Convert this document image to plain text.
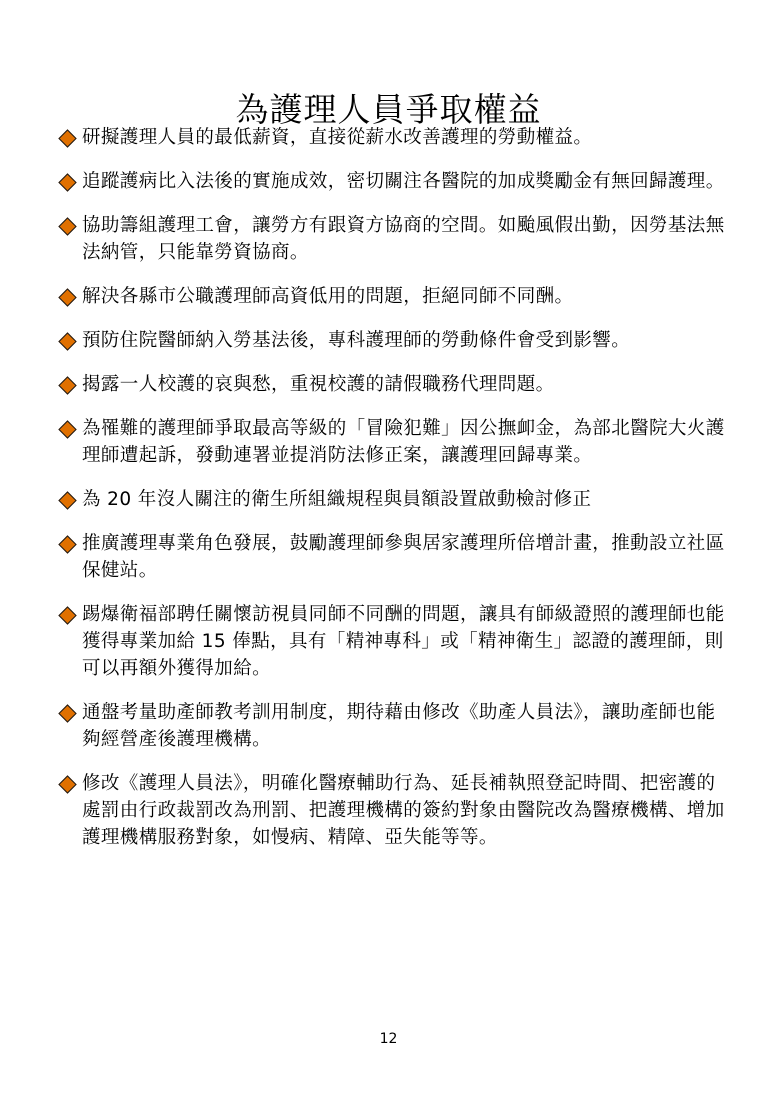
為護理人員爭取權益
研擬護理人員的最低薪資，直接從薪水改善護理的勞動權益。
追蹤護病比入法後的實施成效，密切關注各醫院的加成獎勵金有無回歸護理。
協助籌組護理工會，讓勞方有跟資方協商的空間。如颱風假出勤，因勞基法無法納管，只能靠勞資協商。
解決各縣市公職護理師高資低用的問題，拒絕同師不同酬。
預防住院醫師納入勞基法後，專科護理師的勞動條件會受到影響。
揭露一人校護的哀與愁，重視校護的請假職務代理問題。
為罹難的護理師爭取最高等級的「冒險犯難」因公撫卹金，為部北醫院大火護理師遭起訴，發動連署並提消防法修正案，讓護理回歸專業。
為 20 年沒人關注的衛生所組織規程與員額設置啟動檢討修正
推廣護理專業角色發展，鼓勵護理師參與居家護理所倍增計畫，推動設立社區保健站。
踢爆衛福部聘任關懷訪視員同師不同酬的問題，讓具有師級證照的護理師也能獲得專業加給 15 俸點，具有「精神專科」或「精神衛生」認證的護理師，則可以再額外獲得加給。
通盤考量助產師教考訓用制度，期待藉由修改《助產人員法》，讓助產師也能夠經營產後護理機構。
修改《護理人員法》，明確化醫療輔助行為、延長補執照登記時間、把密護的處罰由行政裁罰改為刑罰、把護理機構的簽約對象由醫院改為醫療機構、增加護理機構服務對象，如慢病、精障、亞失能等等。
12
